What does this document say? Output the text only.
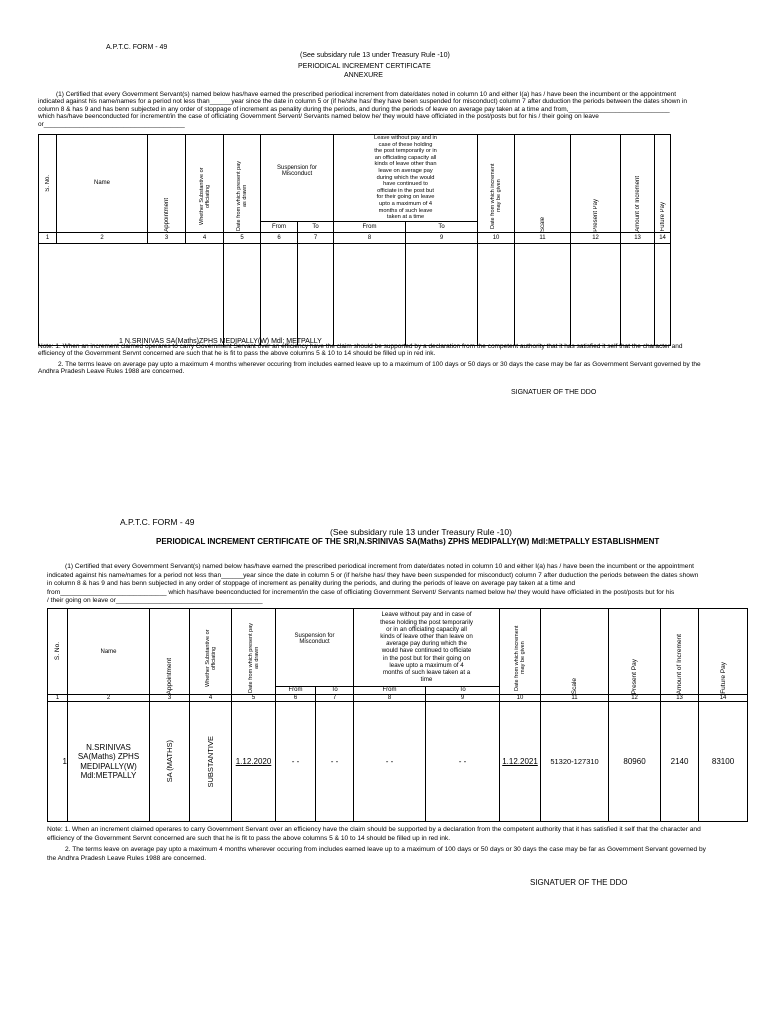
A.P.T.C. FORM - 49
(See subsidary rule 13 under Treasury Rule -10)
PERIODICAL INCREMENT CERTIFICATE
ANNEXURE
(1) Certified that every Government Servant(s) named below has/have earned the prescribed periodical increment from date/dates noted in column 10 and either I(a) has / have been the incumbent or the appointment
indicated against his name/names for a period not less than______year since the date in column 5 or (if he/she has/ they have been suspended for misconduct) column 7 after duduction the periods between the dates shown in
column 8 & has 9 and has benn subjected in any order of stoppage of increment as penality during the periods, and during the periods of leave on average pay taken at a time and from,____________________________
which has/have beenconducted for increment/in the case of officiating Government Servent/ Servants named below he/ they would have officiated in the post/posts but for his / their going on leave
or_______________________________________
S. No.	Name	Appointment	Whether Substantive or officiating	Date from which present pay as drawn	Suspension for Misconduct		Leave without pay and in case of these holding the post temporarily or in an officiating capacity all kinds of leave other than leave on average pay during which the would have continued to officiate in the post but for their going on leave upto a maximum of 4 months of such leave taken at a time		Date from which increment may be given	Scale	Present Pay	Amount of Increment	Future Pay

					From	To	From	To					
1	2	3	4	5	6	7	8	9	10	11	12	13	14
1 N.SRINIVAS SA(Maths)ZPHS MEDIPALLY(W) Mdl; METPALLY													
Note: 1. When an increment claimed operares to carry Government Servant over an efficiency have the claim should be supported by a declaration from the competent authority that it has satisfied it self that the character and
efficiency of the Government Servnt concerned are such that he is fit to pass the above columns 5 & 10 to 14 should be filled up in red ink.
2. The terms leave on average pay upto a maximum 4 months wherever occuring from includes earned leave up to a maximum of 100 days or 50 days or 30 days the case may be far as Government Servant governed by the
Andhra Pradesh Leave Rules 1988 are concerned.
SIGNATUER OF THE DDO
A.P.T.C. FORM - 49
(See subsidary rule 13 under Treasury Rule -10)
PERIODICAL INCREMENT CERTIFICATE OF THE SRI,N.SRINIVAS SA(Maths) ZPHS MEDIPALLY(W) Mdl:METPALLY ESTABLISHMENT
(1) Certified that every Government Servant(s) named below has/have earned the prescribed periodical increment from date/dates noted in column 10 and either I(a) has / have been the incumbent or the appointment
indicated against his name/names for a period not less than______year since the date in column 5 or (if he/she has/ they have been suspended for misconduct) column 7 after duduction the periods between the dates shown
in column 8 & has 9 and has benn subjected in any order of stoppage of increment as penality during the periods, and during the periods of leave on average pay taken at a time and
from_____________________________ which has/have beenconducted for increment/in the case of officiating Government Servent/ Servants named below he/ they would have officiated in the post/posts but for his
/ their going on leave or________________________________________
S. No.	Name	Appointment	Whether Substantive or officiating	Date from which present pay as drawn	Suspension for Misconduct		Leave without pay and in case of these holding the post temporarily or in an officiating capacity all kinds of leave other than leave on average pay during which the would have continued to officiate in the post but for their going on leave upto a maximum of 4 months of such leave taken at a time		Date from which increment may be given	Scale	Present Pay	Amount of Increment	Future Pay

					From	To	From	To					
1	2	3	4	5	6	7	8	9	10	11	12	13	14
1	N.SRINIVAS SA(Maths) ZPHS MEDIPALLY(W) Mdl:METPALLY	SA (MATHS)	SUBSTANTIVE	1.12.2020	- -	- -	- -	- -	1.12.2021	51320-127310	80960	2140	83100
Note: 1. When an increment claimed operares to carry Government Servant over an efficiency have the claim should be supported by a declaration from the competent authority that it has satisfied it self that the character and
efficiency of the Government Servnt concerned are such that he is fit to pass the above columns 5 & 10 to 14 should be filled up in red ink.
2. The terms leave on average pay upto a maximum 4 months wherever occuring from includes earned leave up to a maximum of 100 days or 50 days or 30 days the case may be far as Government Servant governed by
the Andhra Pradesh Leave Rules 1988 are concerned.
SIGNATUER OF THE DDO
